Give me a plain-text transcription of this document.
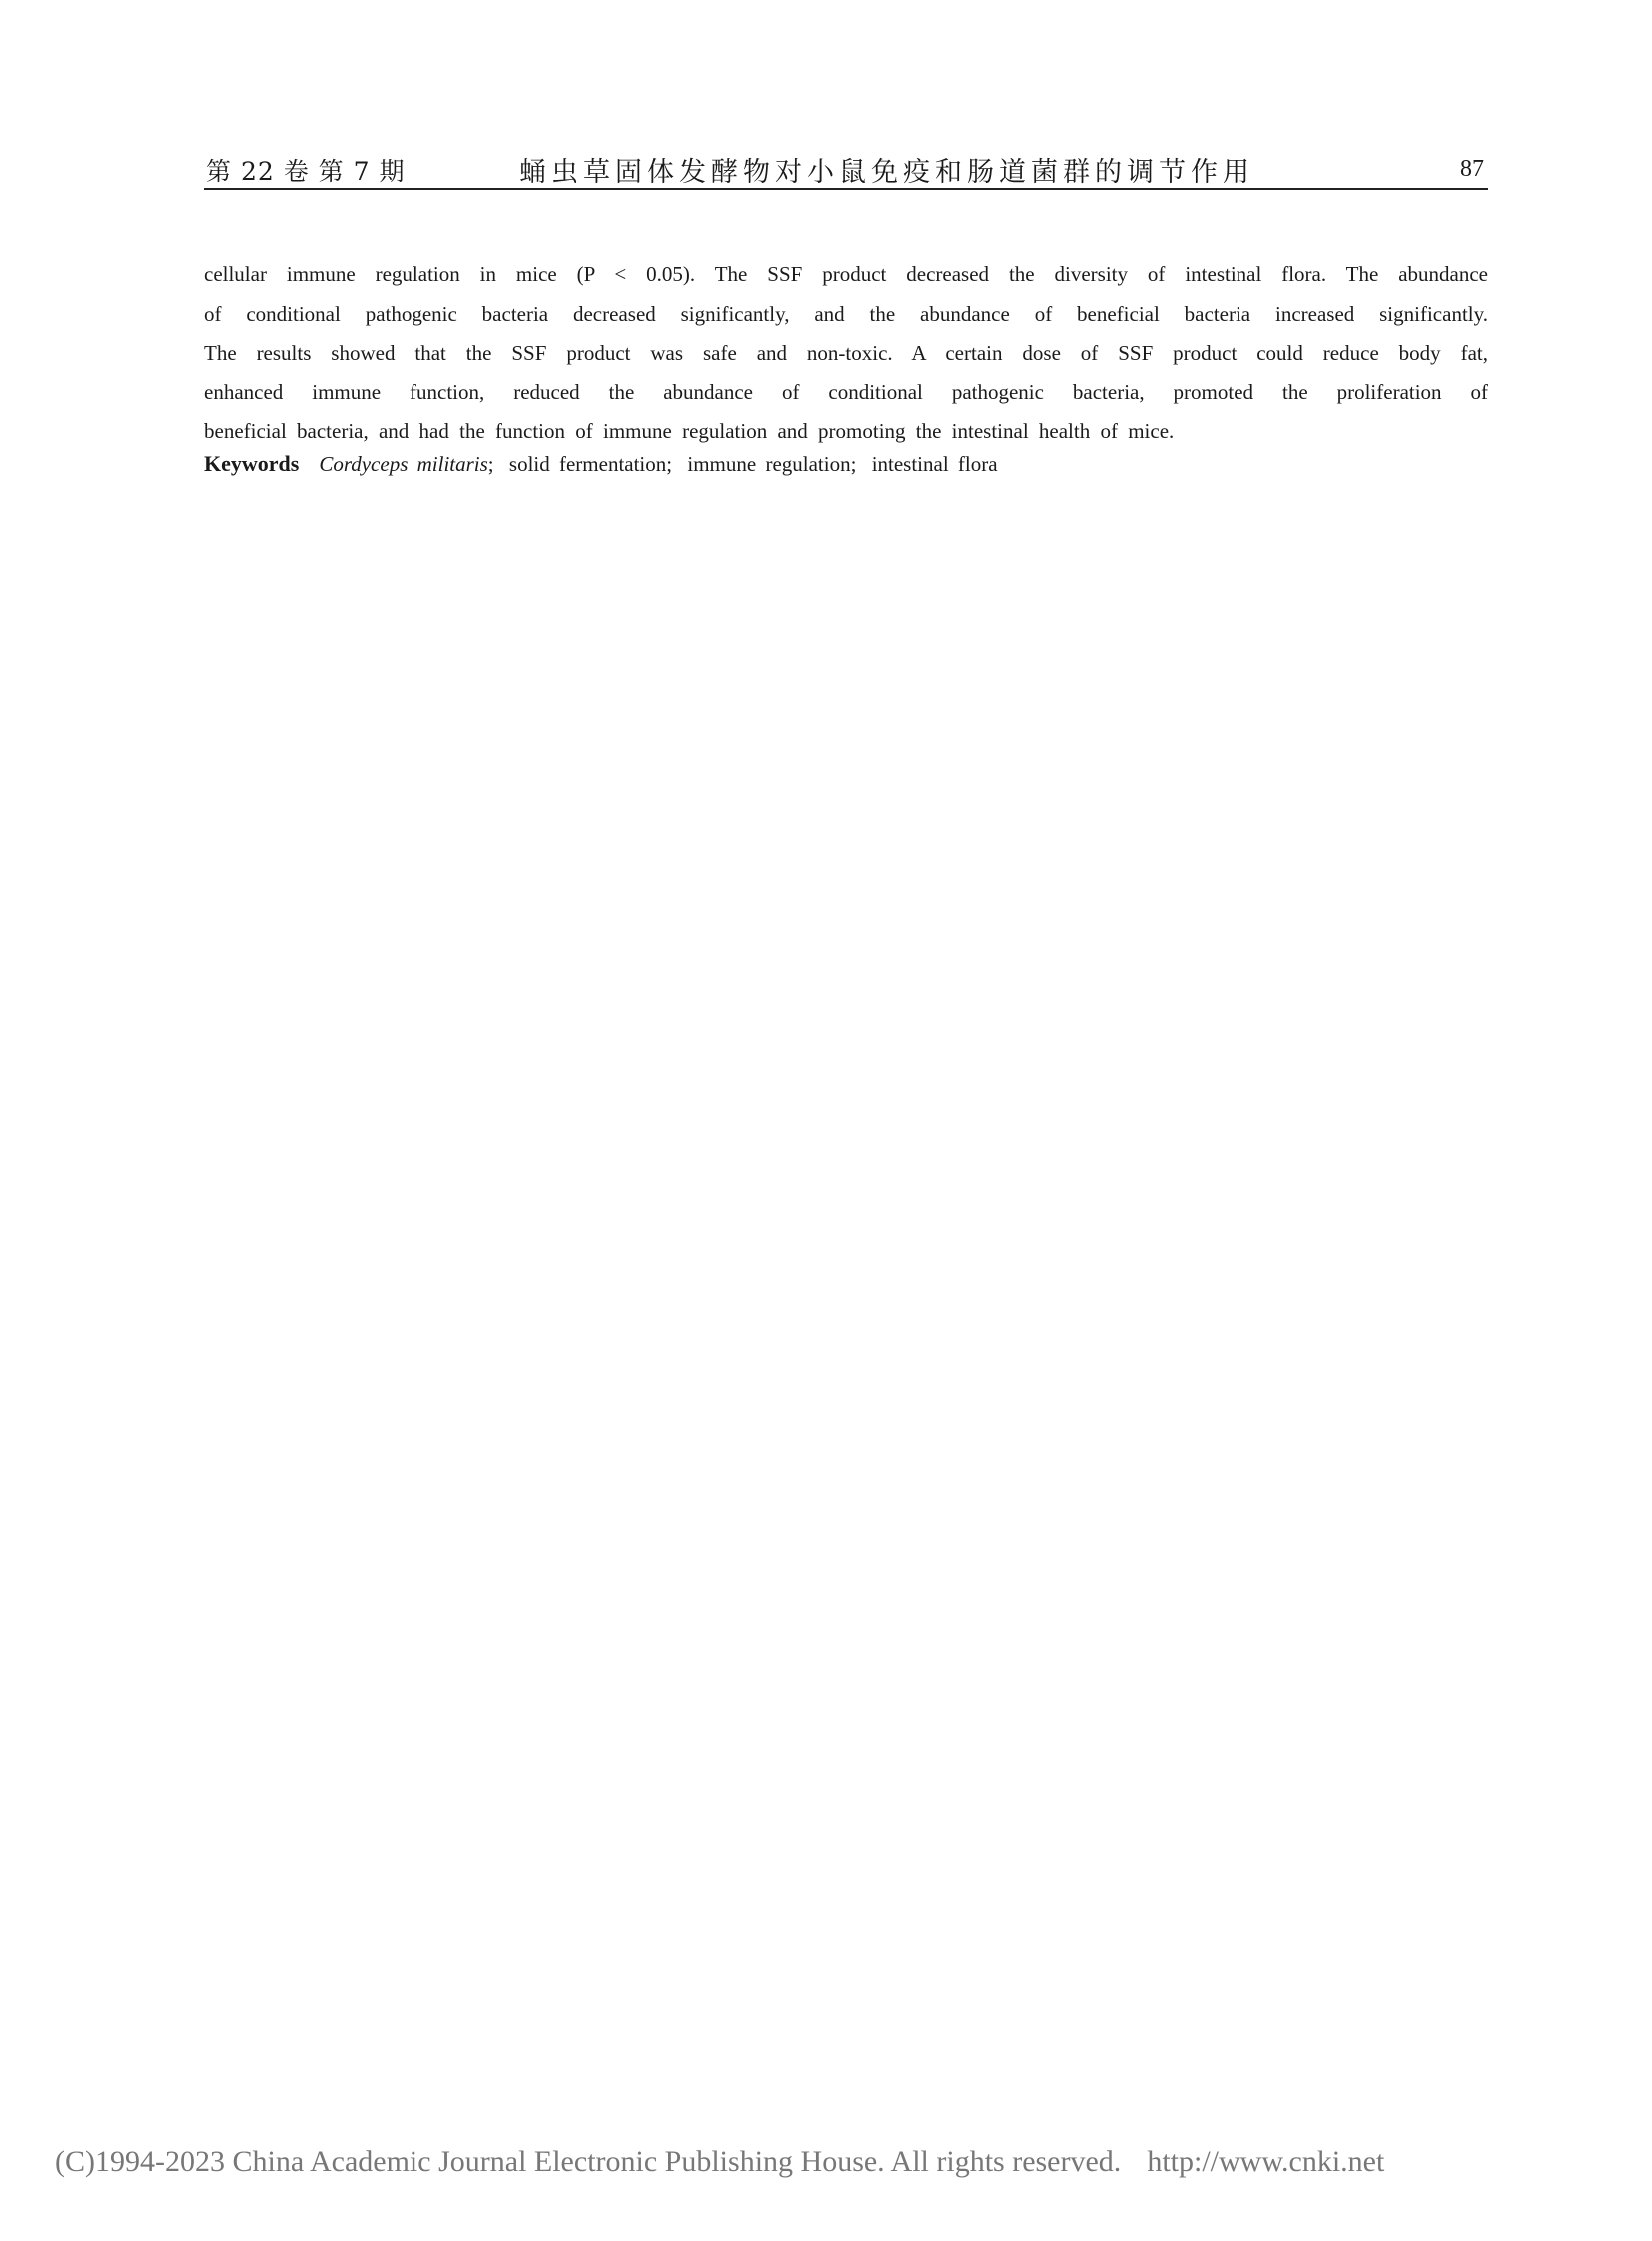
第 22 卷 第 7 期	蛹虫草固体发酵物对小鼠免疫和肠道菌群的调节作用	87
cellular immune regulation in mice (P < 0.05). The SSF product decreased the diversity of intestinal flora. The abundance
of conditional pathogenic bacteria decreased significantly, and the abundance of beneficial bacteria increased significantly.
The results showed that the SSF product was safe and non-toxic. A certain dose of SSF product could reduce body fat,
enhanced immune function, reduced the abundance of conditional pathogenic bacteria, promoted the proliferation of
beneficial bacteria, and had the function of immune regulation and promoting the intestinal health of mice.
Keywords Cordyceps militaris; solid fermentation; immune regulation; intestinal flora
(C)1994-2023 China Academic Journal Electronic Publishing House. All rights reserved. http://www.cnki.net
